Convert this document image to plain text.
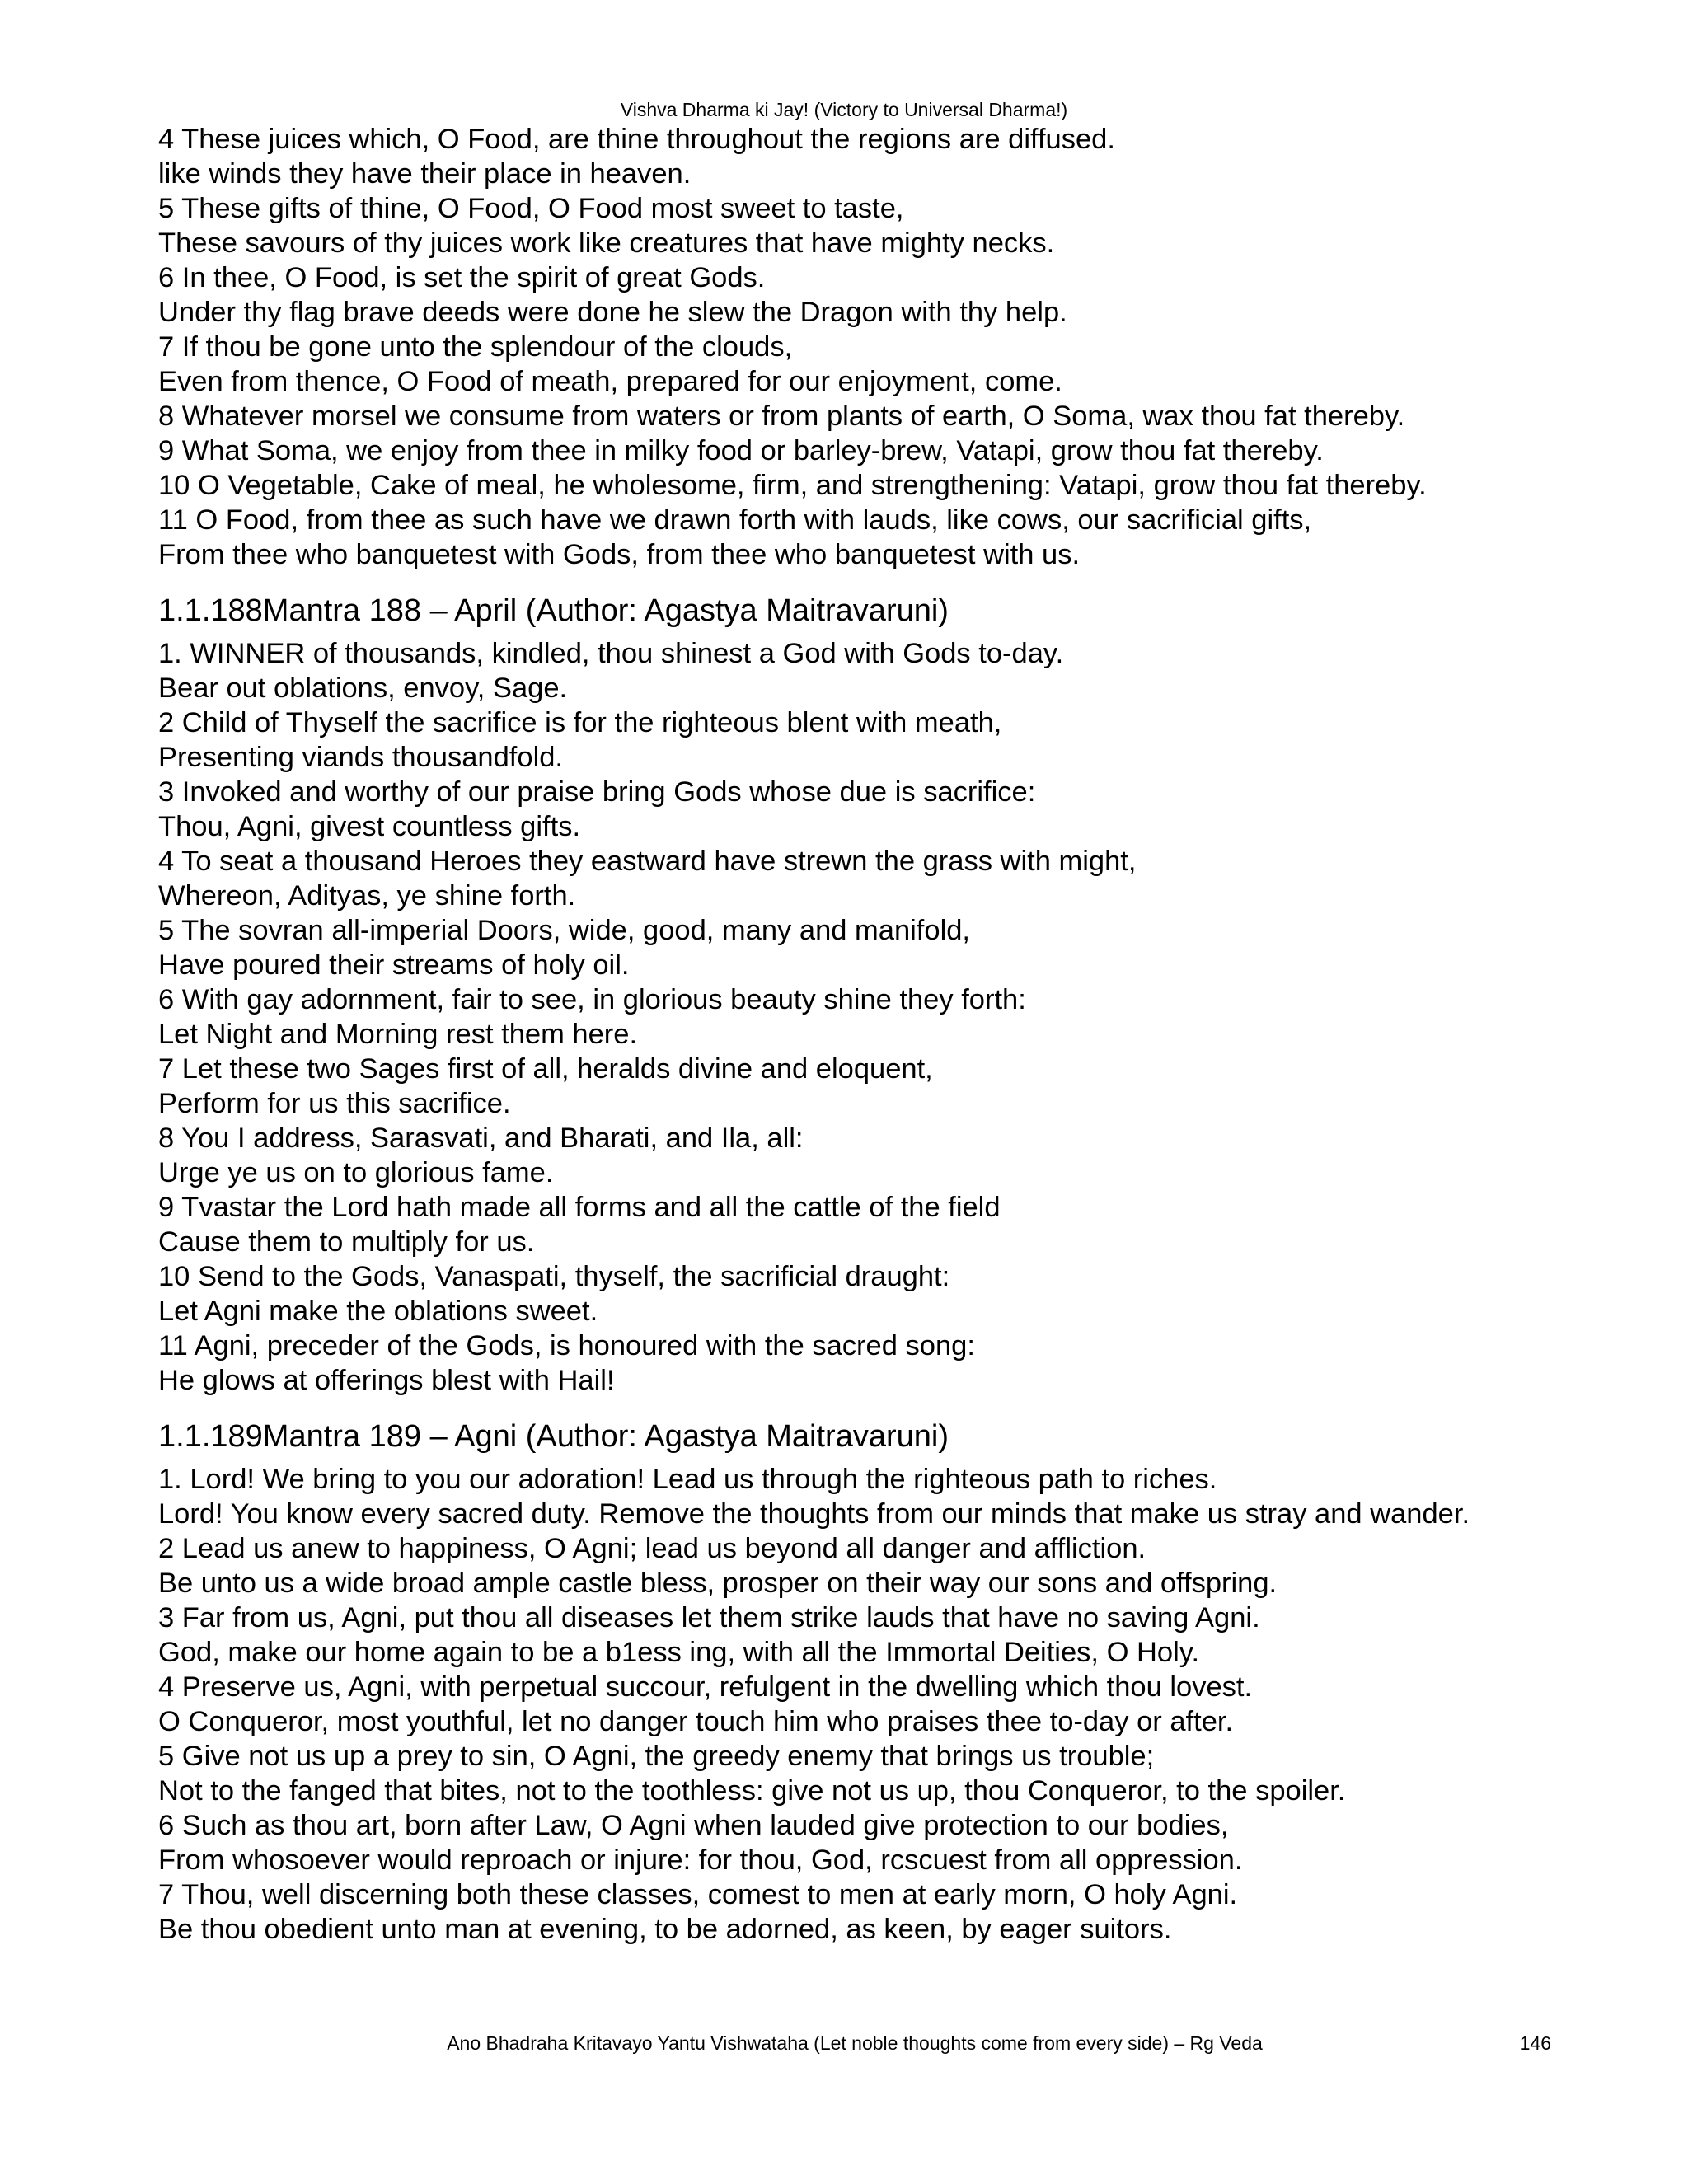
Vishva Dharma ki Jay! (Victory to Universal Dharma!)
4 These juices which, O Food, are thine throughout the regions are diffused.
like winds they have their place in heaven.
5 These gifts of thine, O Food, O Food most sweet to taste,
These savours of thy juices work like creatures that have mighty necks.
6 In thee, O Food, is set the spirit of great Gods.
Under thy flag brave deeds were done he slew the Dragon with thy help.
7 If thou be gone unto the splendour of the clouds,
Even from thence, O Food of meath, prepared for our enjoyment, come.
8 Whatever morsel we consume from waters or from plants of earth, O Soma, wax thou fat thereby.
9 What Soma, we enjoy from thee in milky food or barley-brew, Vatapi, grow thou fat thereby.
10 O Vegetable, Cake of meal, he wholesome, firm, and strengthening: Vatapi, grow thou fat thereby.
11 O Food, from thee as such have we drawn forth with lauds, like cows, our sacrificial gifts,
From thee who banquetest with Gods, from thee who banquetest with us.
1.1.188Mantra 188 – April (Author: Agastya Maitravaruni)
1. WINNER of thousands, kindled, thou shinest a God with Gods to-day.
Bear out oblations, envoy, Sage.
2 Child of Thyself the sacrifice is for the righteous blent with meath,
Presenting viands thousandfold.
3 Invoked and worthy of our praise bring Gods whose due is sacrifice:
Thou, Agni, givest countless gifts.
4 To seat a thousand Heroes they eastward have strewn the grass with might,
Whereon, Adityas, ye shine forth.
5 The sovran all-imperial Doors, wide, good, many and manifold,
Have poured their streams of holy oil.
6 With gay adornment, fair to see, in glorious beauty shine they forth:
Let Night and Morning rest them here.
7 Let these two Sages first of all, heralds divine and eloquent,
Perform for us this sacrifice.
8 You I address, Sarasvati, and Bharati, and Ila, all:
Urge ye us on to glorious fame.
9 Tvastar the Lord hath made all forms and all the cattle of the field
Cause them to multiply for us.
10 Send to the Gods, Vanaspati, thyself, the sacrificial draught:
Let Agni make the oblations sweet.
11 Agni, preceder of the Gods, is honoured with the sacred song:
He glows at offerings blest with Hail!
1.1.189Mantra 189 – Agni (Author: Agastya Maitravaruni)
1. Lord! We bring to you our adoration! Lead us through the righteous path to riches.
Lord! You know every sacred duty. Remove the thoughts from our minds that make us stray and wander.
2 Lead us anew to happiness, O Agni; lead us beyond all danger and affliction.
Be unto us a wide broad ample castle bless, prosper on their way our sons and offspring.
3 Far from us, Agni, put thou all diseases let them strike lauds that have no saving Agni.
God, make our home again to be a b1ess ing, with all the Immortal Deities, O Holy.
4 Preserve us, Agni, with perpetual succour, refulgent in the dwelling which thou lovest.
O Conqueror, most youthful, let no danger touch him who praises thee to-day or after.
5 Give not us up a prey to sin, O Agni, the greedy enemy that brings us trouble;
Not to the fanged that bites, not to the toothless: give not us up, thou Conqueror, to the spoiler.
6 Such as thou art, born after Law, O Agni when lauded give protection to our bodies,
From whosoever would reproach or injure: for thou, God, rcscuest from all oppression.
7 Thou, well discerning both these classes, comest to men at early morn, O holy Agni.
Be thou obedient unto man at evening, to be adorned, as keen, by eager suitors.
Ano Bhadraha Kritavayo Yantu Vishwataha (Let noble thoughts come from every side) – Rg Veda	146
